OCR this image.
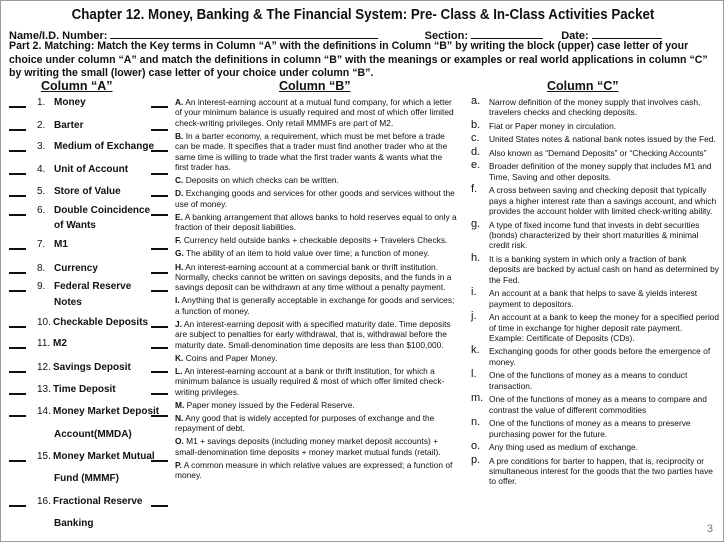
Chapter 12. Money, Banking & The Financial System: Pre- Class & In-Class Activities Packet
Name/I.D. Number:	Section:	Date:
Part 2. Matching: Match the Key terms in Column “A” with the definitions in Column “B” by writing the block (upper) case letter of your choice under column “A” and match the definitions in column “B” with the meanings or examples or real world applications in column “C” by writing the small (lower) case letter of your choice under column “B”.
Column “A”	Column “B”	Column “C”
1. Money
2. Barter
3. Medium of Exchange
4. Unit of Account
5. Store of Value
6. Double Coincidence
of Wants
7. M1
8. Currency
9. Federal Reserve
Notes
10. Checkable Deposits
11. M2
12. Savings Deposit
13. Time Deposit
14. Money Market Deposit
Account(MMDA)
15. Money Market Mutual
Fund (MMMF)
16. Fractional Reserve
Banking
A. An interest-earning account at a mutual fund company, for which a letter of your minimum balance is usually required and most of which offer limited check-writing privileges. Only retail MMMFs are part of M2.
B. In a barter economy, a requirement, which must be met before a trade can be made. It specifies that a trader must find another trader who at the same time is willing to trade what the first trader wants & wants what the first trader has.
C. Deposits on which checks can be written.
D. Exchanging goods and services for other goods and services without the use of money.
E. A banking arrangement that allows banks to hold reserves equal to only a fraction of their deposit liabilities.
F. Currency held outside banks + checkable deposits + Travelers Checks.
G. The ability of an item to hold value over time; a function of money.
H. An interest-earning account at a commercial bank or thrift institution. Normally, checks cannot be written on savings deposits, and the funds in a savings deposit can be withdrawn at any time without a penalty payment.
I. Anything that is generally acceptable in exchange for goods and services; a function of money.
J. An interest-earning deposit with a specified maturity date. Time deposits are subject to penalties for early withdrawal, that is, withdrawal before the maturity date. Small-denomination time deposits are less than $100,000.
K. Coins and Paper Money.
L. An interest-earning account at a bank or thrift institution, for which a minimum balance is usually required & most of which offer limited check-writing privileges.
M. Paper money issued by the Federal Reserve.
N. Any good that is widely accepted for purposes of exchange and the repayment of debt.
O. M1 + savings deposits (including money market deposit accounts) + small-denomination time deposits + money market mutual funds (retail).
P. A common measure in which relative values are expressed; a function of money.
a. Narrow definition of the money supply that involves cash, travelers checks and checking deposits.
b. Fiat or Paper money in circulation.
c. United States notes & national bank notes issued by the Fed.
d. Also known as “Demand Deposits” or “Checking Accounts”
e. Broader definition of the money supply that includes M1 and Time, Saving and other deposits.
f. A cross between saving and checking deposit that typically pays a higher interest rate than a savings account, and which provides the account holder with limited check-writing ability.
g. A type of fixed income fund that invests in debt securities (bonds) characterized by their short maturities & minimal credit risk.
h. It is a banking system in which only a fraction of bank deposits are backed by actual cash on hand as determined by the Fed.
i. An account at a bank that helps to save & yields interest payment to depositors.
j. An account at a bank to keep the money for a specified period of time in exchange for higher deposit rate payment. Example: Certificate of Deposits (CDs).
k. Exchanging goods for other goods before the emergence of money.
l. One of the functions of money as a means to conduct transaction.
m. One of the functions of money as a means to compare and contrast the value of different commodities
n. One of the functions of money as a means to preserve purchasing power for the future.
o. Any thing used as medium of exchange.
p. A pre conditions for barter to happen, that is, reciprocity or simultaneous interest for the goods that the two parties have to offer.
3
